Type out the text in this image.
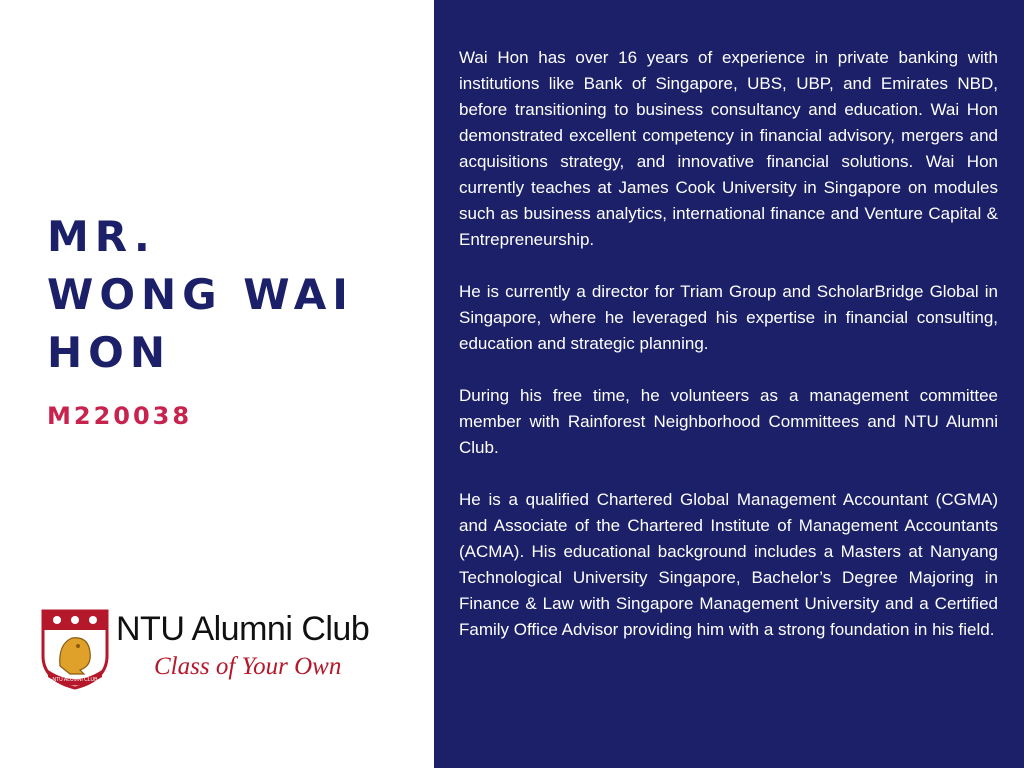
MR.
WONG WAI
HON

M220038

NTU ALUMNI CLUB

NTU Alumni Club

Class of Your Own

Wai Hon has over 16 years of experience in private banking with institutions like Bank of Singapore, UBS, UBP, and Emirates NBD, before transitioning to business consultancy and education. Wai Hon demonstrated excellent competency in financial advisory, mergers and acquisitions strategy, and innovative financial solutions. Wai Hon currently teaches at James Cook University in Singapore on modules such as business analytics, international finance and Venture Capital & Entrepreneurship.

He is currently a director for Triam Group and ScholarBridge Global in Singapore, where he leveraged his expertise in financial consulting, education and strategic planning.

During his free time, he volunteers as a management committee member with Rainforest Neighborhood Committees and NTU Alumni Club.

He is a qualified Chartered Global Management Accountant (CGMA) and Associate of the Chartered Institute of Management Accountants (ACMA). His educational background includes a Masters at Nanyang Technological University Singapore, Bachelor’s Degree Majoring in Finance & Law with Singapore Management University and a Certified Family Office Advisor providing him with a strong foundation in his field.
